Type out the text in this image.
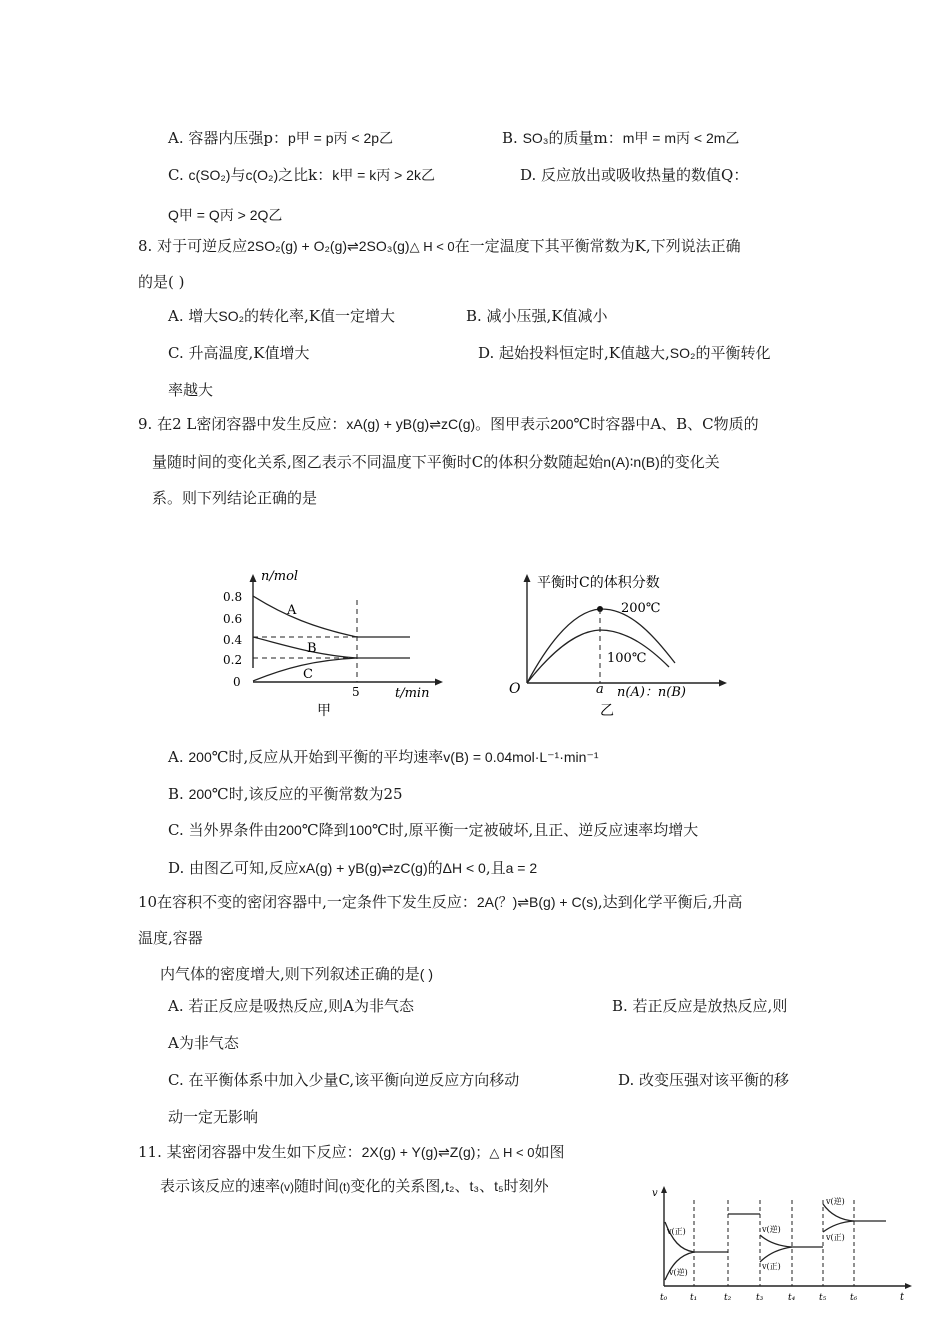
A. 容器内压强p：p甲 = p丙 < 2p乙	B. SO₃的质量m：m甲 = m丙 < 2m乙
C. c(SO₂)与c(O₂)之比k：k甲 = k丙 > 2k乙	D. 反应放出或吸收热量的数值Q：
Q甲 = Q丙 > 2Q乙
8. 对于可逆反应2SO₂(g) + O₂(g)⇌2SO₃(g)△ H < 0在一定温度下其平衡常数为K,下列说法正确
的是( )
A. 增大SO₂的转化率,K值一定增大	B. 减小压强,K值减小
C. 升高温度,K值增大	D. 起始投料恒定时,K值越大,SO₂的平衡转化
率越大
9. 在2 L密闭容器中发生反应：xA(g) + yB(g)⇌zC(g)。图甲表示200℃时容器中A、B、C物质的
量随时间的变化关系,图乙表示不同温度下平衡时C的体积分数随起始n(A)∶n(B)的变化关
系。则下列结论正确的是
n/mol
t/min
0.8
0.6
0.4
0.2
0
5
A
B
C
甲
平衡时C的体积分数
200℃
100℃
O	a n(A)：n(B)
乙
A. 200℃时,反应从开始到平衡的平均速率v(B) = 0.04mol·L⁻¹·min⁻¹
B. 200℃时,该反应的平衡常数为25
C. 当外界条件由200℃降到100℃时,原平衡一定被破坏,且正、逆反应速率均增大
D. 由图乙可知,反应xA(g) + yB(g)⇌zC(g)的ΔH < 0,且a = 2
10在容积不变的密闭容器中,一定条件下发生反应：2A(？)⇌B(g) + C(s),达到化学平衡后,升高
温度,容器
内气体的密度增大,则下列叙述正确的是( )
A. 若正反应是吸热反应,则A为非气态	B. 若正反应是放热反应,则
A为非气态
C. 在平衡体系中加入少量C,该平衡向逆反应方向移动	D. 改变压强对该平衡的移
动一定无影响
11. 某密闭容器中发生如下反应：2X(g) + Y(g)⇌Z(g)；△ H < 0如图
表示该反应的速率(v)随时间(t)变化的关系图,t₂、t₃、t₅时刻外	v
t
v(正)
v(逆)
v(逆)
v(正)
v(逆)
v(正)
t₀	t₁	t₂	t₃	t₄	t₅	t₆
